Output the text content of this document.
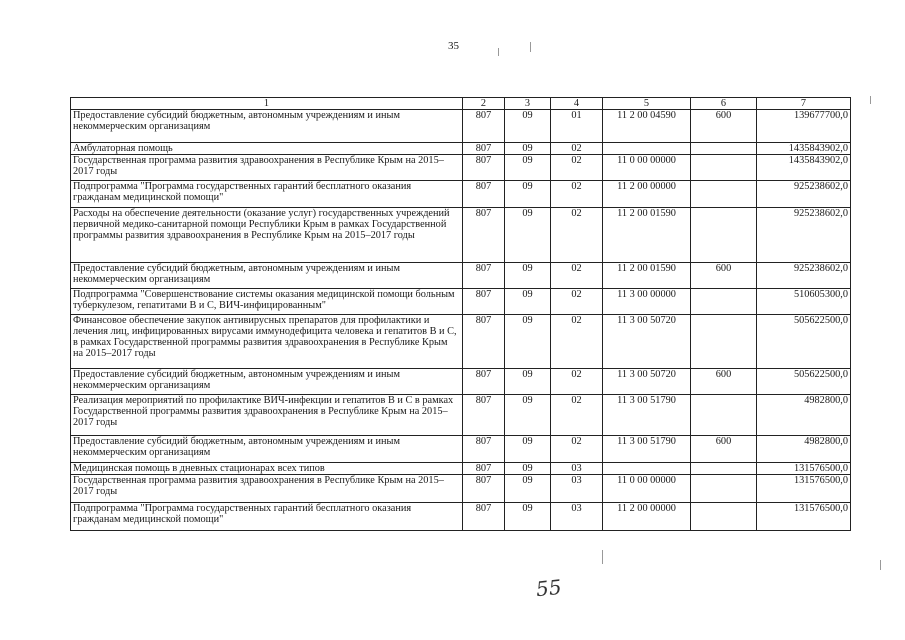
35
1	2	3	4	5	6	7
Предоставление субсидий бюджетным, автономным учреждениям и иным некоммерческим организациям	807	09	01	11 2 00 04590	600	139677700,0
Амбулаторная помощь	807	09	02			1435843902,0
Государственная программа развития здравоохранения в Республике Крым на 2015–2017 годы	807	09	02	11 0 00 00000		1435843902,0
Подпрограмма "Программа государственных гарантий бесплатного оказания гражданам медицинской помощи"	807	09	02	11 2 00 00000		925238602,0
Расходы на обеспечение деятельности (оказание услуг) государственных учреждений первичной медико-санитарной помощи Республики Крым в рамках Государственной программы развития здравоохранения в Республике Крым на 2015–2017 годы	807	09	02	11 2 00 01590		925238602,0
Предоставление субсидий бюджетным, автономным учреждениям и иным некоммерческим организациям	807	09	02	11 2 00 01590	600	925238602,0
Подпрограмма "Совершенствование системы оказания медицинской помощи больным туберкулезом, гепатитами В и С, ВИЧ-инфицированным"	807	09	02	11 3 00 00000		510605300,0
Финансовое обеспечение закупок антивирусных препаратов для профилактики и лечения лиц, инфицированных вирусами иммунодефицита человека и гепатитов В и С, в рамках Государственной программы развития здравоохранения в Республике Крым на 2015–2017 годы	807	09	02	11 3 00 50720		505622500,0
Предоставление субсидий бюджетным, автономным учреждениям и иным некоммерческим организациям	807	09	02	11 3 00 50720	600	505622500,0
Реализация мероприятий по профилактике ВИЧ-инфекции и гепатитов В и С в рамках Государственной программы развития здравоохранения в Республике Крым на 2015–2017 годы	807	09	02	11 3 00 51790		4982800,0
Предоставление субсидий бюджетным, автономным учреждениям и иным некоммерческим организациям	807	09	02	11 3 00 51790	600	4982800,0
Медицинская помощь в дневных стационарах всех типов	807	09	03			131576500,0
Государственная программа развития здравоохранения в Республике Крым на 2015–2017 годы	807	09	03	11 0 00 00000		131576500,0
Подпрограмма "Программа государственных гарантий бесплатного оказания гражданам медицинской помощи"	807	09	03	11 2 00 00000		131576500,0
55
